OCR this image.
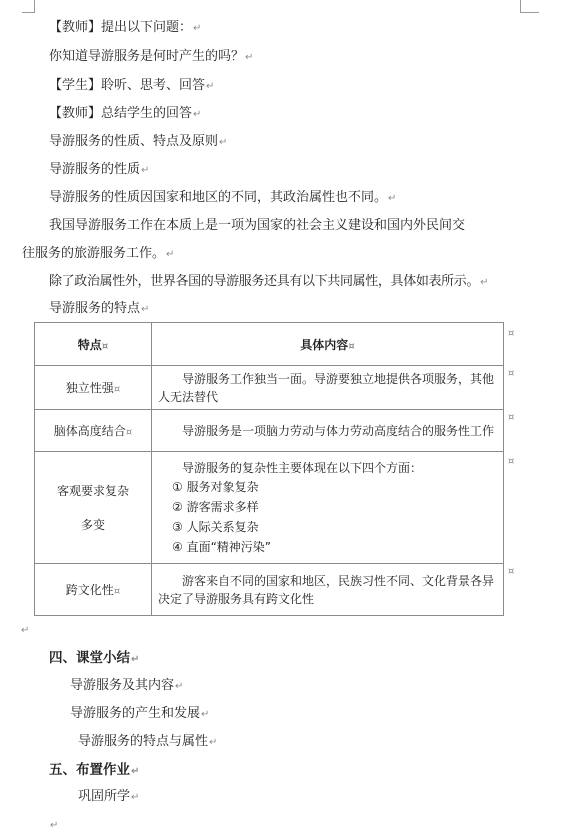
【教师】提出以下问题：↵
你知道导游服务是何时产生的吗？↵
【学生】聆听、思考、回答↵
【教师】总结学生的回答↵
导游服务的性质、特点及原则↵
导游服务的性质↵
导游服务的性质因国家和地区的不同，其政治属性也不同。↵
我国导游服务工作在本质上是一项为国家的社会主义建设和国内外民间交
往服务的旅游服务工作。↵
除了政治属性外，世界各国的导游服务还具有以下共同属性，具体如表所示。↵
导游服务的特点↵
特点¤	具体内容¤
独立性强¤	导游服务工作独当一面。导游要独立地提供各项服务，其他人无法替代

脑体高度结合¤	导游服务是一项脑力劳动与体力劳动高度结合的服务性工作

客观要求复杂
多变	导游服务的复杂性主要体现在以下四个方面：
① 服务对象复杂
② 游客需求多样
③ 人际关系复杂
④ 直面“精神污染”

跨文化性¤	游客来自不同的国家和地区，民族习性不同、文化背景各异决定了导游服务具有跨文化性
¤
¤
¤
¤
¤
↵
四、课堂小结↵
导游服务及其内容↵
导游服务的产生和发展↵
导游服务的特点与属性↵
五、布置作业↵
巩固所学↵
↵
